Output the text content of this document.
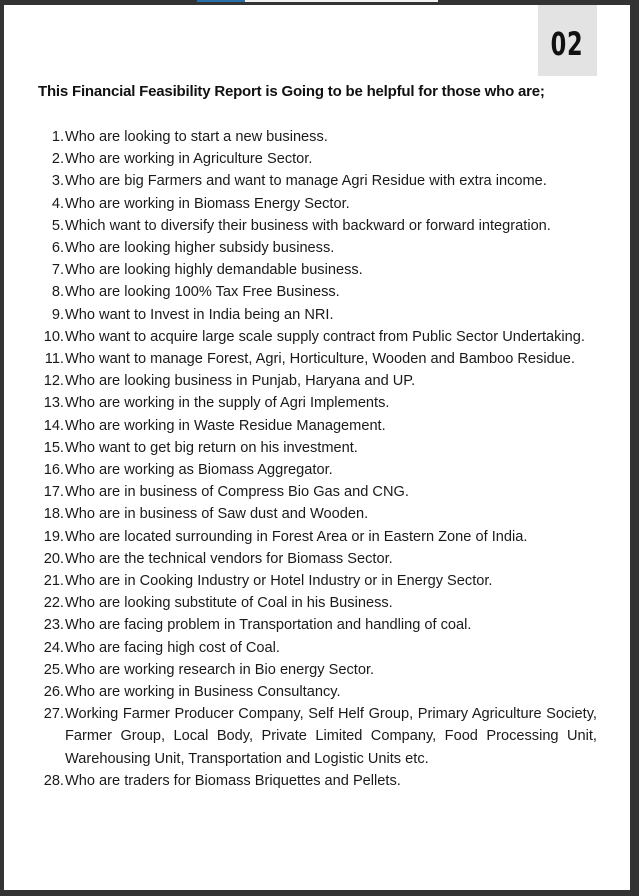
02
This Financial Feasibility Report is Going to be helpful for those who are;
1. Who are looking to start a new business.
2. Who are working in Agriculture Sector.
3. Who are big Farmers and want to manage Agri Residue with extra income.
4. Who are working in Biomass Energy Sector.
5. Which want to diversify their business with backward or forward integration.
6. Who are looking higher subsidy business.
7. Who are looking highly demandable business.
8. Who are looking 100% Tax Free Business.
9. Who want to Invest in India being an NRI.
10. Who want to acquire large scale supply contract from Public Sector Undertaking.
11. Who want to manage Forest, Agri, Horticulture, Wooden and Bamboo Residue.
12. Who are looking business in Punjab, Haryana and UP.
13. Who are working in the supply of Agri Implements.
14. Who are working in Waste Residue Management.
15. Who want to get big return on his investment.
16. Who are working as Biomass Aggregator.
17. Who are in business of Compress Bio Gas and CNG.
18. Who are in business of Saw dust and Wooden.
19. Who are located surrounding in Forest Area or in Eastern Zone of India.
20. Who are the technical vendors for Biomass Sector.
21. Who are in Cooking Industry or Hotel Industry or in Energy Sector.
22. Who are looking substitute of Coal in his Business.
23. Who are facing problem in Transportation and handling of coal.
24. Who are facing high cost of Coal.
25. Who are working research in Bio energy Sector.
26. Who are working in Business Consultancy.
27. Working Farmer Producer Company, Self Helf Group, Primary Agriculture Society, Farmer Group, Local Body, Private Limited Company, Food Processing Unit, Warehousing Unit, Transportation and Logistic Units etc.
28. Who are traders for Biomass Briquettes and Pellets.
